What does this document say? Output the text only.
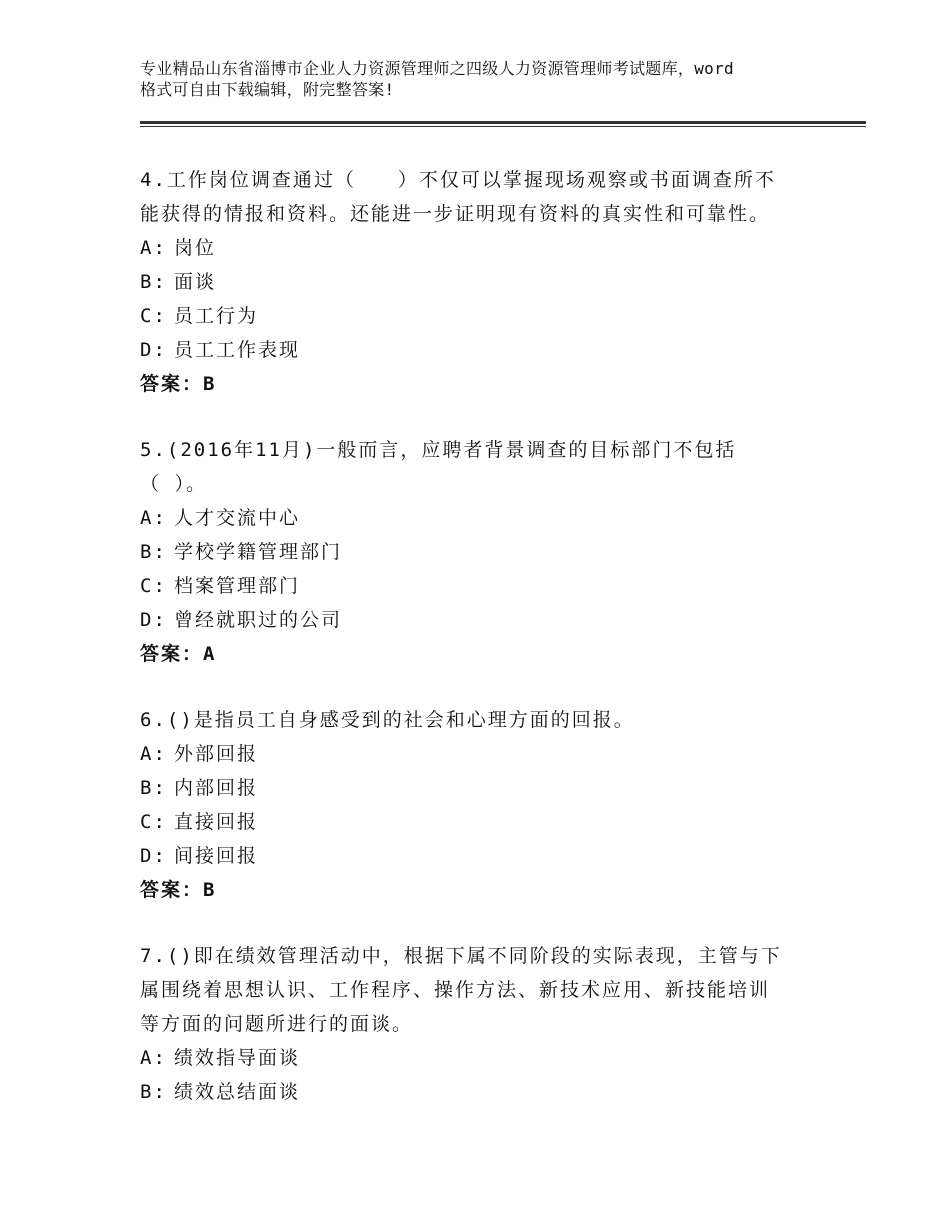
专业精品山东省淄博市企业人力资源管理师之四级人力资源管理师考试题库，word
格式可自由下载编辑，附完整答案!
4.工作岗位调查通过（　　）不仅可以掌握现场观察或书面调查所不
能获得的情报和资料。还能进一步证明现有资料的真实性和可靠性。
A: 岗位
B: 面谈
C: 员工行为
D: 员工工作表现
答案：B
5.(2016年11月)一般而言，应聘者背景调查的目标部门不包括
（ ）。
A: 人才交流中心
B: 学校学籍管理部门
C: 档案管理部门
D: 曾经就职过的公司
答案：A
6.()是指员工自身感受到的社会和心理方面的回报。
A: 外部回报
B: 内部回报
C: 直接回报
D: 间接回报
答案：B
7.()即在绩效管理活动中，根据下属不同阶段的实际表现，主管与下
属围绕着思想认识、工作程序、操作方法、新技术应用、新技能培训
等方面的问题所进行的面谈。
A: 绩效指导面谈
B: 绩效总结面谈
